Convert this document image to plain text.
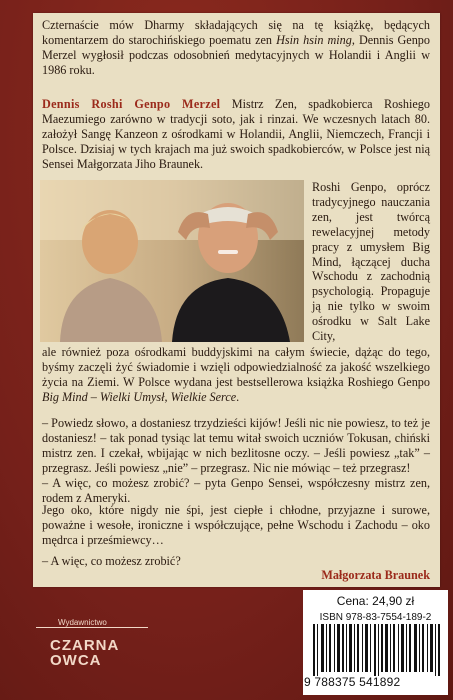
Czternaście mów Dharmy składających się na tę książkę, będących komentarzem do starochińskiego poematu zen Hsin hsin ming, Dennis Genpo Merzel wygłosił podczas odosobnień medytacyjnych w Holandii i Anglii w 1986 roku.
Dennis Roshi Genpo Merzel Mistrz Zen, spadkobierca Roshiego Maezumiego zarówno w tradycji soto, jak i rinzai. We wczesnych latach 80. założył Sangę Kanzeon z ośrodkami w Holandii, Anglii, Niemczech, Francji i Polsce. Dzisiaj w tych krajach ma już swoich spadkobierców, w Polsce jest nią Sensei Małgorzata Jiho Braunek.
Roshi Genpo, oprócz tradycyjnego nauczania zen, jest twórcą rewelacyjnej metody pracy z umysłem Big Mind, łączącej ducha Wschodu z zachodnią psychologią. Propaguje ją nie tylko w swoim ośrodku w Salt Lake City,
ale również poza ośrodkami buddyjskimi na całym świecie, dążąc do tego, byśmy zaczęli żyć świadomie i wzięli odpowiedzialność za jakość wszelkiego życia na Ziemi. W Polsce wydana jest bestsellerowa książka Roshiego Genpo Big Mind – Wielki Umysł, Wielkie Serce.

– Powiedz słowo, a dostaniesz trzydzieści kijów! Jeśli nic nie powiesz, to też je dostaniesz! – tak ponad tysiąc lat temu witał swoich uczniów Tokusan, chiński mistrz zen. I czekał, wbijając w nich bezlitosne oczy. – Jeśli powiesz „tak” – przegrasz. Jeśli powiesz „nie” – przegrasz. Nic nie mówiąc – też przegrasz!

– A więc, co możesz zrobić? – pyta Genpo Sensei, współczesny mistrz zen, rodem z Ameryki.

Jego oko, które nigdy nie śpi, jest ciepłe i chłodne, przyjazne i surowe, poważne i wesołe, ironiczne i współczujące, pełne Wschodu i Zachodu – oko mędrca i prześmiewcy…
– A więc, co możesz zrobić?
Małgorzata Braunek
Cena: 24,90 zł
ISBN 978-83-7554-189-2
9 788375 541892
Wydawnictwo
CZARNA
OWCA
